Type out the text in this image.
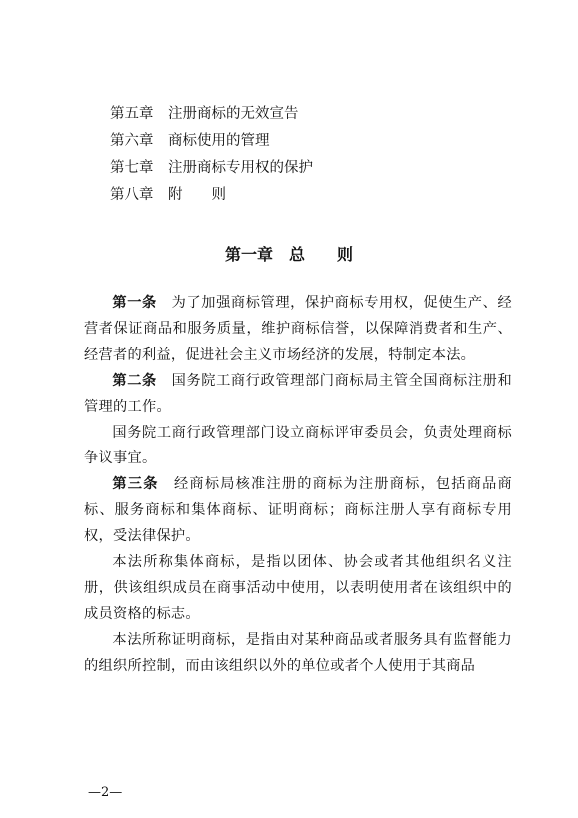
第五章 注册商标的无效宣告
第六章 商标使用的管理
第七章 注册商标专用权的保护
第八章 附　　则
第一章　总　　则

第一条　 为了加强商标管理，保护商标专用权，促使生产、经营者保证商品和服务质量，维护商标信誉，以保障消费者和生产、经营者的利益，促进社会主义市场经济的发展，特制定本法。

第二条　 国务院工商行政管理部门商标局主管全国商标注册和管理的工作。

国务院工商行政管理部门设立商标评审委员会，负责处理商标争议事宜。

第三条　 经商标局核准注册的商标为注册商标，包括商品商标、服务商标和集体商标、证明商标；商标注册人享有商标专用权，受法律保护。

本法所称集体商标，是指以团体、协会或者其他组织名义注册，供该组织成员在商事活动中使用，以表明使用者在该组织中的成员资格的标志。

本法所称证明商标，是指由对某种商品或者服务具有监督能力的组织所控制，而由该组织以外的单位或者个人使用于其商品

—2—
